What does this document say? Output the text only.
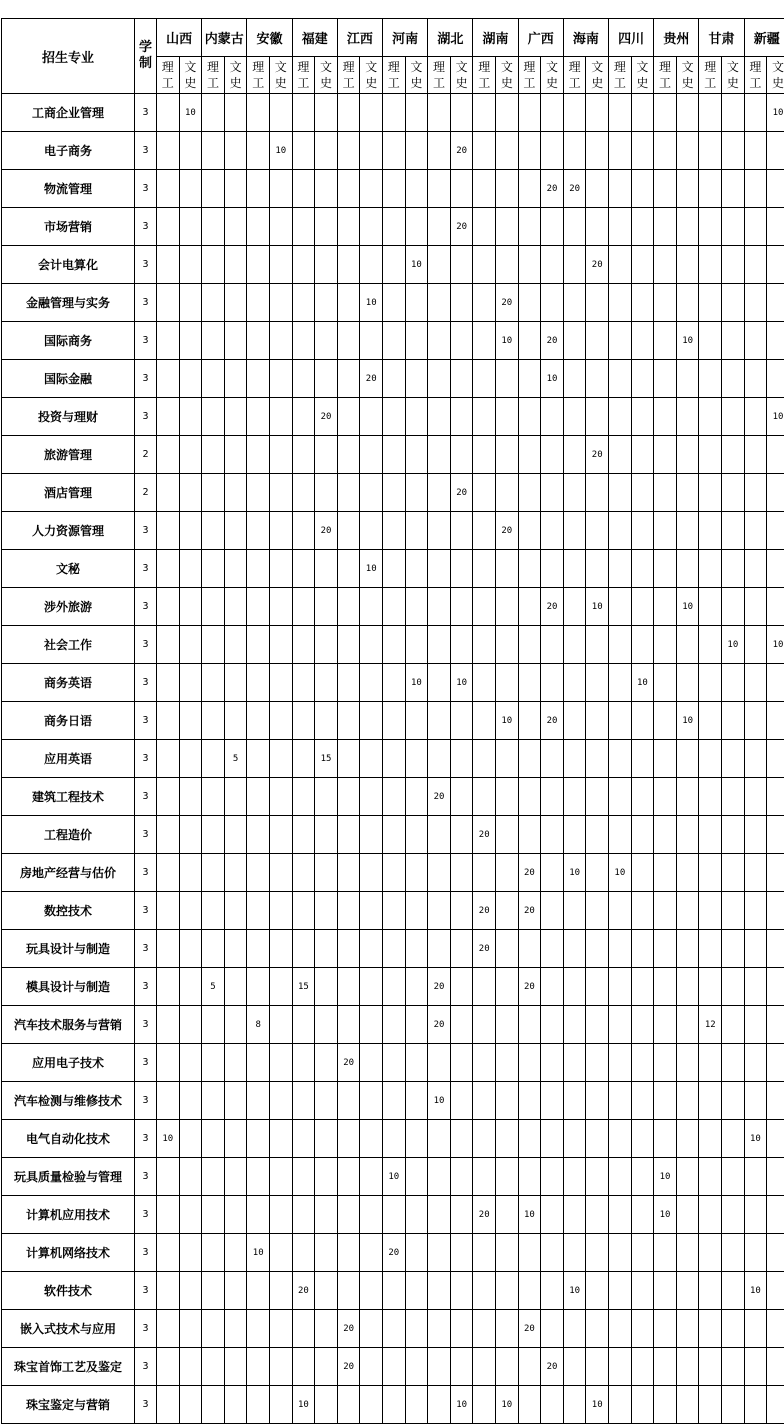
招生专业	学制	山西		内蒙古		安徽		福建		江西		河南		湖北		湖南		广西		海南		四川		贵州		甘肃		新疆	
		理工	文史	理工	文史	理工	文史	理工	文史	理工	文史	理工	文史	理工	文史	理工	文史	理工	文史	理工	文史	理工	文史	理工	文史	理工	文史	理工	文史
工商企业管理	3		10																										10
电子商务	3						10								20														
物流管理	3																		20	20									
市场营销	3														20														
会计电算化	3												10								20								
金融管理与实务	3										10						20												
国际商务	3																10		20						10				
国际金融	3										20								10										
投资与理财	3								20																				10
旅游管理	2																				20								
酒店管理	2														20														
人力资源管理	3								20								20												
文秘	3										10																		
涉外旅游	3																		20		10				10				
社会工作	3																										10		10
商务英语	3												10		10								10						
商务日语	3																10		20						10				
应用英语	3				5				15																				
建筑工程技术	3													20															
工程造价	3															20													
房地产经营与估价	3																	20		10		10							
数控技术	3															20		20											
玩具设计与制造	3															20													
模具设计与制造	3			5				15						20				20											
汽车技术服务与营销	3					8								20												12			
应用电子技术	3									20																			
汽车检测与维修技术	3													10															
电气自动化技术	3	10																										10	
玩具质量检验与管理	3											10												10					
计算机应用技术	3															20		10						10					
计算机网络技术	3					10						20																	
软件技术	3							20												10								10	
嵌入式技术与应用	3									20								20											
珠宝首饰工艺及鉴定	3									20									20										
珠宝鉴定与营销	3							10							10		10				10								
